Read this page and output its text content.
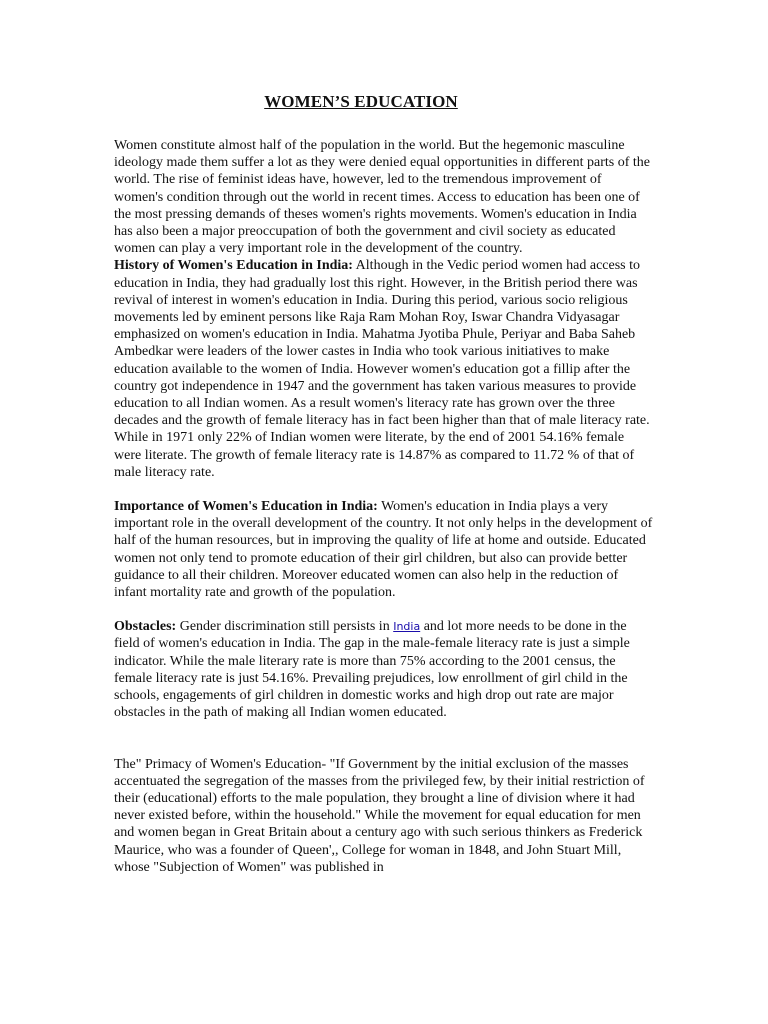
WOMEN’S EDUCATION

Women constitute almost half of the population in the world. But the hegemonic masculine ideology made them suffer a lot as they were denied equal opportunities in different parts of the world. The rise of feminist ideas have, however, led to the tremendous improvement of women's condition through out the world in recent times. Access to education has been one of the most pressing demands of theses women's rights movements. Women's education in India has also been a major preoccupation of both the government and civil society as educated women can play a very important role in the development of the country.

History of Women's Education in India: Although in the Vedic period women had access to education in India, they had gradually lost this right. However, in the British period there was revival of interest in women's education in India. During this period, various socio religious movements led by eminent persons like Raja Ram Mohan Roy, Iswar Chandra Vidyasagar emphasized on women's education in India. Mahatma Jyotiba Phule, Periyar and Baba Saheb Ambedkar were leaders of the lower castes in India who took various initiatives to make education available to the women of India. However women's education got a fillip after the country got independence in 1947 and the government has taken various measures to provide education to all Indian women. As a result women's literacy rate has grown over the three decades and the growth of female literacy has in fact been higher than that of male literacy rate. While in 1971 only 22% of Indian women were literate, by the end of 2001 54.16% female were literate. The growth of female literacy rate is 14.87% as compared to 11.72 % of that of male literacy rate.

Importance of Women's Education in India: Women's education in India plays a very important role in the overall development of the country. It not only helps in the development of half of the human resources, but in improving the quality of life at home and outside. Educated women not only tend to promote education of their girl children, but also can provide better guidance to all their children. Moreover educated women can also help in the reduction of infant mortality rate and growth of the population.

Obstacles: Gender discrimination still persists in India and lot more needs to be done in the field of women's education in India. The gap in the male-female literacy rate is just a simple indicator. While the male literary rate is more than 75% according to the 2001 census, the female literacy rate is just 54.16%. Prevailing prejudices, low enrollment of girl child in the schools, engagements of girl children in domestic works and high drop out rate are major obstacles in the path of making all Indian women educated.

The" Primacy of Women's Education- "If Government by the initial exclusion of the masses accentuated the segregation of the masses from the privileged few, by their initial restriction of their (educational) efforts to the male population, they brought a line of division where it had never existed before, within the household." While the movement for equal education for men and women began in Great Britain about a century ago with such serious thinkers as Frederick Maurice, who was a founder of Queen',, College for woman in 1848, and John Stuart Mill, whose "Subjection of Women" was published in
